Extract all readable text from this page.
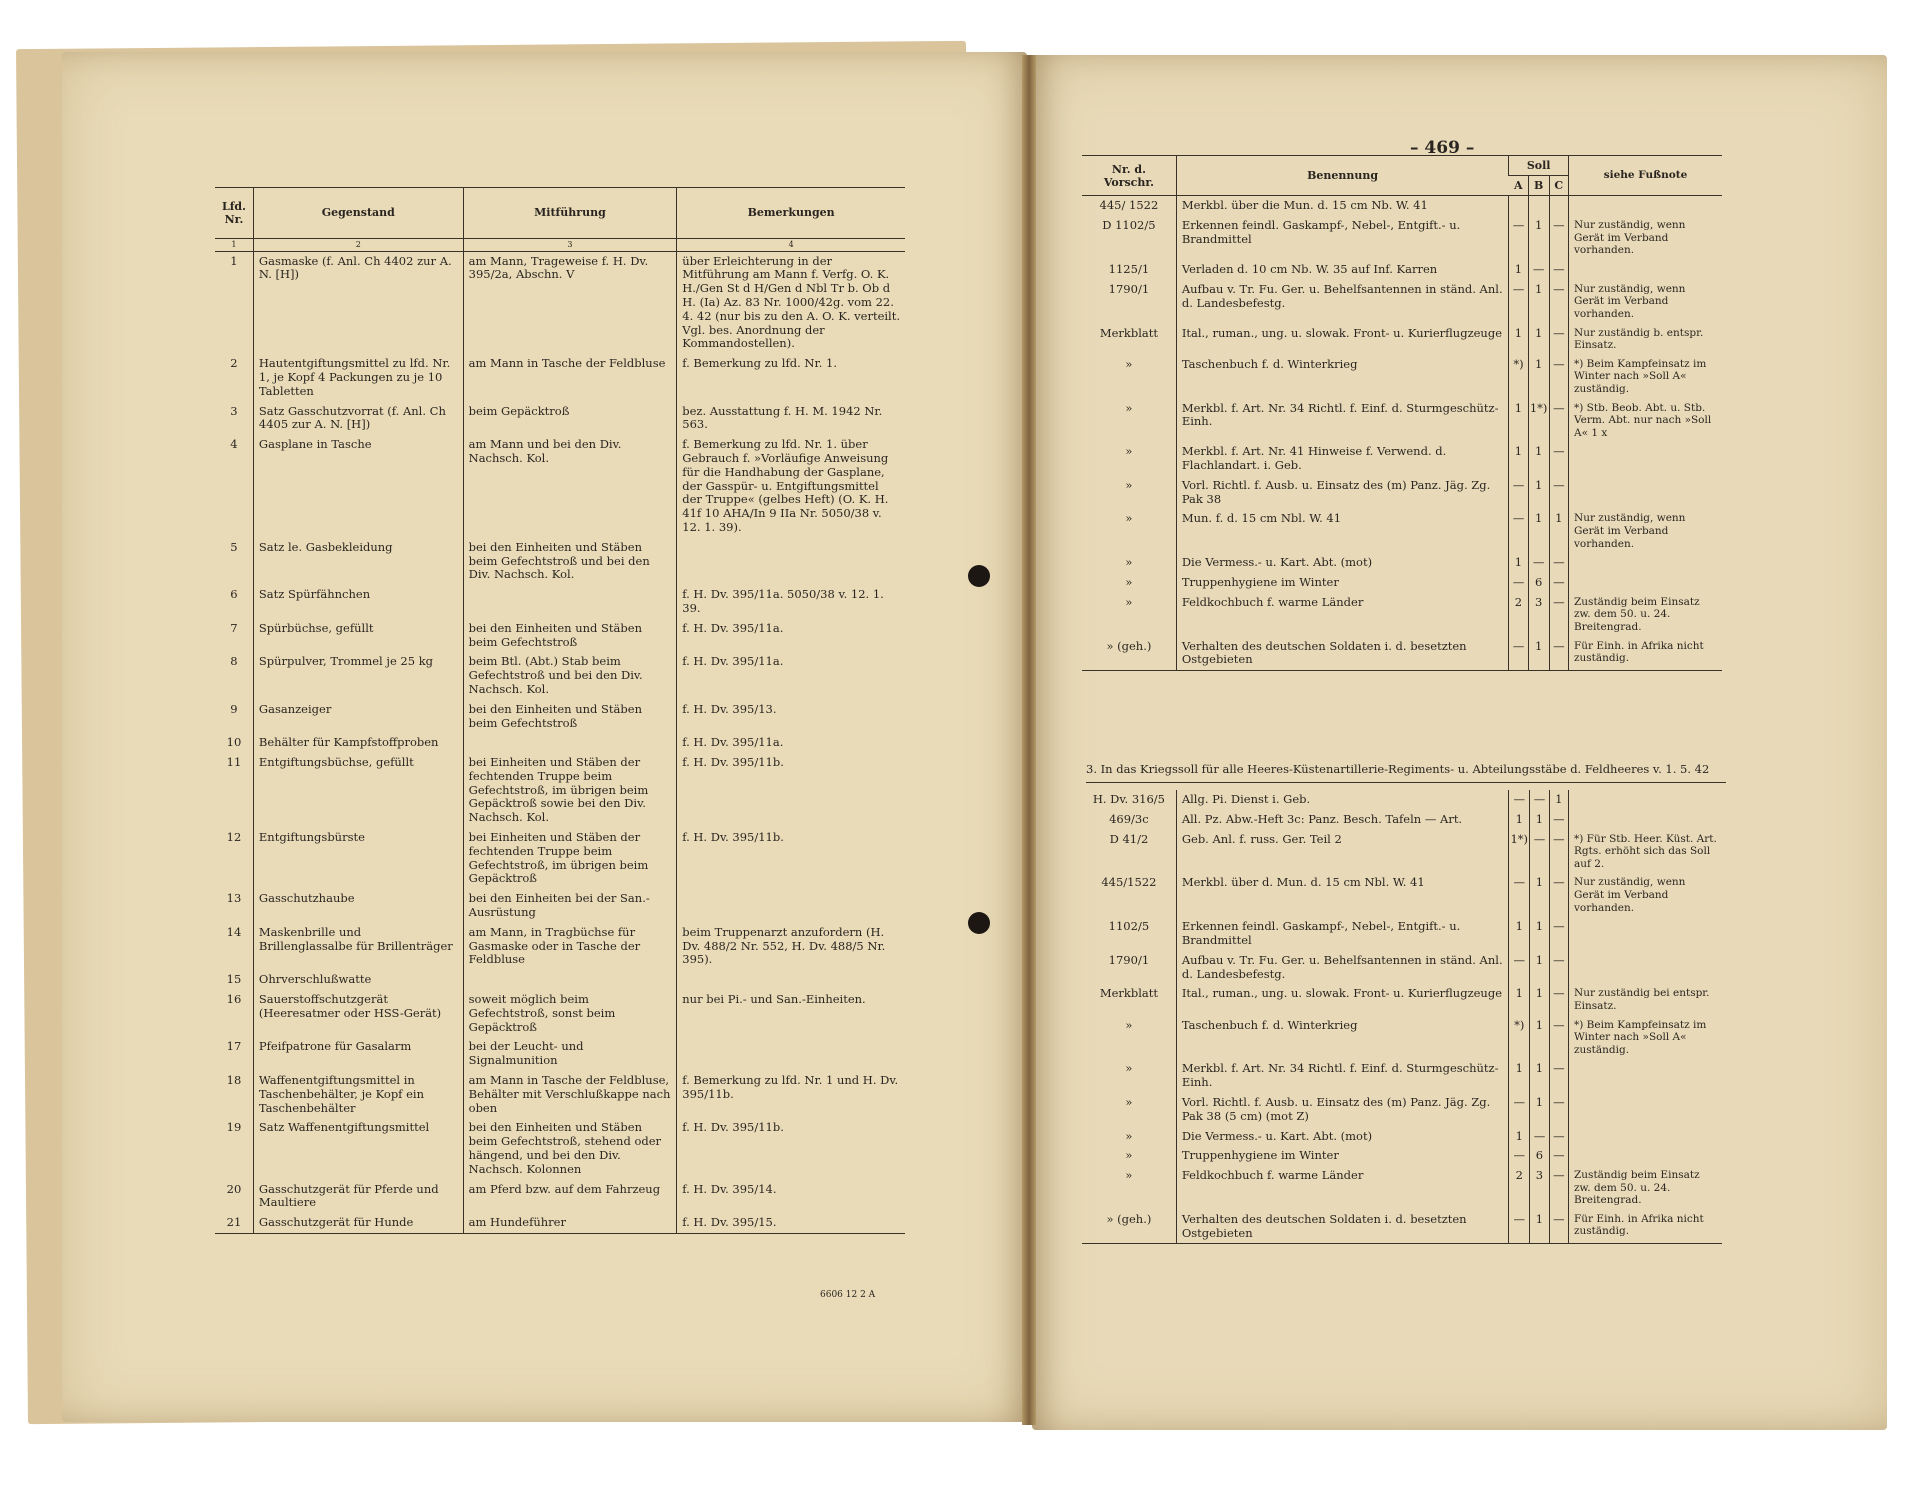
Lfd. Nr.	Gegenstand	Mitführung	Bemerkungen
1	2	3	4
1	Gasmaske (f. Anl. Ch 4402 zur A. N. [H])	am Mann, Trageweise f. H. Dv. 395/2a, Abschn. V	über Erleichterung in der Mitführung am Mann f. Verfg. O. K. H./Gen St d H/Gen d Nbl Tr b. Ob d H. (Ia) Az. 83 Nr. 1000/42g. vom 22. 4. 42 (nur bis zu den A. O. K. verteilt. Vgl. bes. Anordnung der Kommandostellen).
2	Hautentgiftungsmittel zu lfd. Nr. 1, je Kopf 4 Packungen zu je 10 Tabletten	am Mann in Tasche der Feldbluse	f. Bemerkung zu lfd. Nr. 1.
3	Satz Gasschutzvorrat (f. Anl. Ch 4405 zur A. N. [H])	beim Gepäcktroß	bez. Ausstattung f. H. M. 1942 Nr. 563.
4	Gasplane in Tasche	am Mann und bei den Div. Nachsch. Kol.	f. Bemerkung zu lfd. Nr. 1. über Gebrauch f. »Vorläufige Anweisung für die Handhabung der Gasplane, der Gasspür- u. Entgiftungsmittel der Truppe« (gelbes Heft) (O. K. H. 41f 10 AHA/In 9 IIa Nr. 5050/38 v. 12. 1. 39).
5	Satz le. Gasbekleidung	bei den Einheiten und Stäben beim Gefechtstroß und bei den Div. Nachsch. Kol.	
6	Satz Spürfähnchen		f. H. Dv. 395/11a. 5050/38 v. 12. 1. 39.
7	Spürbüchse, gefüllt	bei den Einheiten und Stäben beim Gefechtstroß	f. H. Dv. 395/11a.
8	Spürpulver, Trommel je 25 kg	beim Btl. (Abt.) Stab beim Gefechtstroß und bei den Div. Nachsch. Kol.	f. H. Dv. 395/11a.
9	Gasanzeiger	bei den Einheiten und Stäben beim Gefechtstroß	f. H. Dv. 395/13.
10	Behälter für Kampfstoffproben		f. H. Dv. 395/11a.
11	Entgiftungsbüchse, gefüllt	bei Einheiten und Stäben der fechtenden Truppe beim Gefechtstroß, im übrigen beim Gepäcktroß sowie bei den Div. Nachsch. Kol.	f. H. Dv. 395/11b.
12	Entgiftungsbürste	bei Einheiten und Stäben der fechtenden Truppe beim Gefechtstroß, im übrigen beim Gepäcktroß	f. H. Dv. 395/11b.
13	Gasschutzhaube	bei den Einheiten bei der San.-Ausrüstung	
14	Maskenbrille und Brillenglassalbe für Brillenträger	am Mann, in Tragbüchse für Gasmaske oder in Tasche der Feldbluse	beim Truppenarzt anzufordern (H. Dv. 488/2 Nr. 552, H. Dv. 488/5 Nr. 395).
15	Ohrverschlußwatte		
16	Sauerstoffschutzgerät (Heeresatmer oder HSS-Gerät)	soweit möglich beim Gefechtstroß, sonst beim Gepäcktroß	nur bei Pi.- und San.-Einheiten.
17	Pfeifpatrone für Gasalarm	bei der Leucht- und Signalmunition	
18	Waffenentgiftungsmittel in Taschenbehälter, je Kopf ein Taschenbehälter	am Mann in Tasche der Feldbluse, Behälter mit Verschlußkappe nach oben	f. Bemerkung zu lfd. Nr. 1 und H. Dv. 395/11b.
19	Satz Waffenentgiftungsmittel	bei den Einheiten und Stäben beim Gefechtstroß, stehend oder hängend, und bei den Div. Nachsch. Kolonnen	f. H. Dv. 395/11b.
20	Gasschutzgerät für Pferde und Maultiere	am Pferd bzw. auf dem Fahrzeug	f. H. Dv. 395/14.
21	Gasschutzgerät für Hunde	am Hundeführer	f. H. Dv. 395/15.
6606 12 2 A
– 469 –
Nr. d. Vorschr.	Benennung	Soll			siehe Fußnote
		A	B	C	
445/ 1522	Merkbl. über die Mun. d. 15 cm Nb. W. 41				
D 1102/5	Erkennen feindl. Gaskampf-, Nebel-, Entgift.- u. Brandmittel	—	1	—	Nur zuständig, wenn Gerät im Verband vorhanden.
1125/1	Verladen d. 10 cm Nb. W. 35 auf Inf. Karren	1	—	—	
1790/1	Aufbau v. Tr. Fu. Ger. u. Behelfsantennen in ständ. Anl. d. Landesbefestg.	—	1	—	Nur zuständig, wenn Gerät im Verband vorhanden.
Merkblatt	Ital., ruman., ung. u. slowak. Front- u. Kurierflugzeuge	1	1	—	Nur zuständig b. entspr. Einsatz.
»	Taschenbuch f. d. Winterkrieg	*)	1	—	*) Beim Kampfeinsatz im Winter nach »Soll A« zuständig.
»	Merkbl. f. Art. Nr. 34 Richtl. f. Einf. d. Sturmgeschütz-Einh.	1	1*)	—	*) Stb. Beob. Abt. u. Stb. Verm. Abt. nur nach »Soll A« 1 x
»	Merkbl. f. Art. Nr. 41 Hinweise f. Verwend. d. Flachlandart. i. Geb.	1	1	—	
»	Vorl. Richtl. f. Ausb. u. Einsatz des (m) Panz. Jäg. Zg. Pak 38	—	1	—	
»	Mun. f. d. 15 cm Nbl. W. 41	—	1	1	Nur zuständig, wenn Gerät im Verband vorhanden.
»	Die Vermess.- u. Kart. Abt. (mot)	1	—	—	
»	Truppenhygiene im Winter	—	6	—	
»	Feldkochbuch f. warme Länder	2	3	—	Zuständig beim Einsatz zw. dem 50. u. 24. Breitengrad.
» (geh.)	Verhalten des deutschen Soldaten i. d. besetzten Ostgebieten	—	1	—	Für Einh. in Afrika nicht zuständig.
3. In das Kriegssoll für alle Heeres-Küstenartillerie-Regiments- u. Abteilungsstäbe d. Feldheeres v. 1. 5. 42
H. Dv. 316/5	Allg. Pi. Dienst i. Geb.	—	—	1	
469/3c	All. Pz. Abw.-Heft 3c: Panz. Besch. Tafeln — Art.	1	1	—	
D 41/2	Geb. Anl. f. russ. Ger. Teil 2	1*)	—	—	*) Für Stb. Heer. Küst. Art. Rgts. erhöht sich das Soll auf 2.
445/1522	Merkbl. über d. Mun. d. 15 cm Nbl. W. 41	—	1	—	Nur zuständig, wenn Gerät im Verband vorhanden.
1102/5	Erkennen feindl. Gaskampf-, Nebel-, Entgift.- u. Brandmittel	1	1	—	
1790/1	Aufbau v. Tr. Fu. Ger. u. Behelfsantennen in ständ. Anl. d. Landesbefestg.	—	1	—	
Merkblatt	Ital., ruman., ung. u. slowak. Front- u. Kurierflugzeuge	1	1	—	Nur zuständig bei entspr. Einsatz.
»	Taschenbuch f. d. Winterkrieg	*)	1	—	*) Beim Kampfeinsatz im Winter nach »Soll A« zuständig.
»	Merkbl. f. Art. Nr. 34 Richtl. f. Einf. d. Sturmgeschütz-Einh.	1	1	—	
»	Vorl. Richtl. f. Ausb. u. Einsatz des (m) Panz. Jäg. Zg. Pak 38 (5 cm) (mot Z)	—	1	—	
»	Die Vermess.- u. Kart. Abt. (mot)	1	—	—	
»	Truppenhygiene im Winter	—	6	—	
»	Feldkochbuch f. warme Länder	2	3	—	Zuständig beim Einsatz zw. dem 50. u. 24. Breitengrad.
» (geh.)	Verhalten des deutschen Soldaten i. d. besetzten Ostgebieten	—	1	—	Für Einh. in Afrika nicht zuständig.
